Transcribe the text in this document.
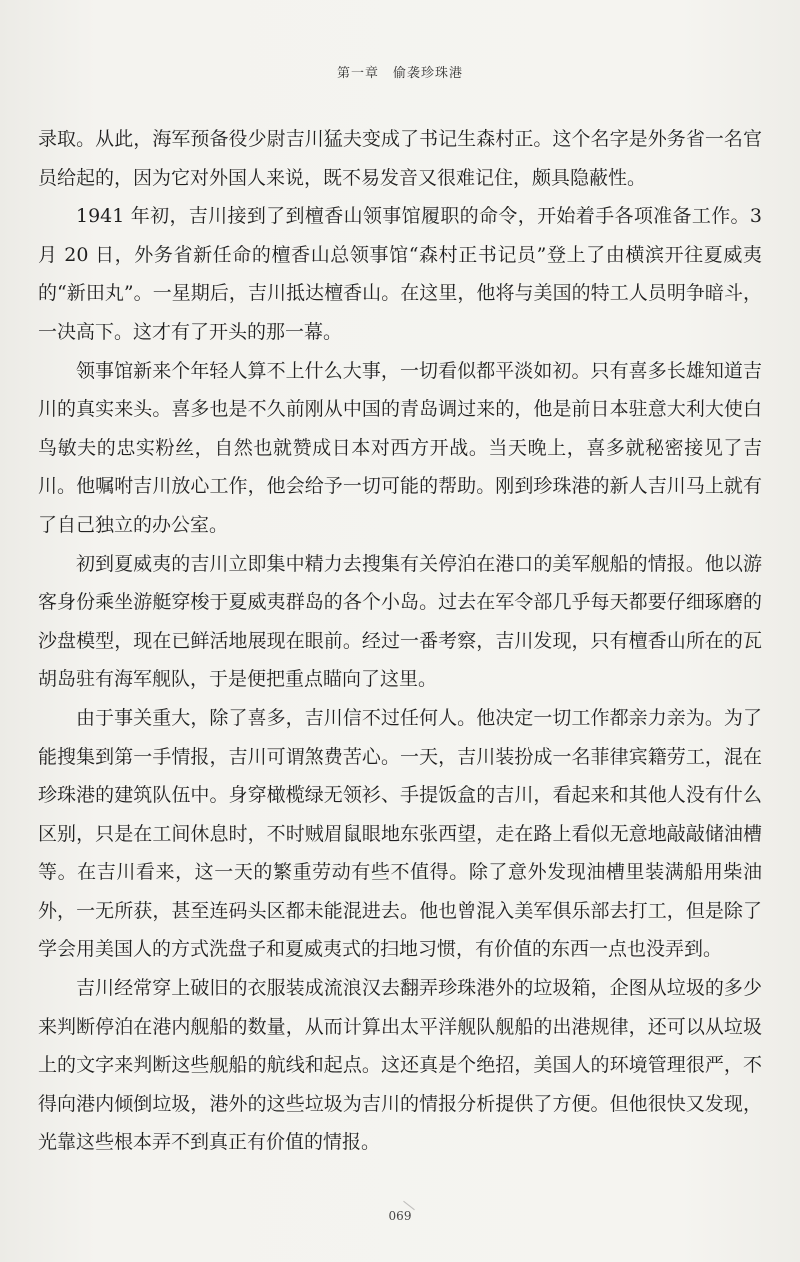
第一章　偷袭珍珠港

录取。从此，海军预备役少尉吉川猛夫变成了书记生森村正。这个名字是外务省一名官员给起的，因为它对外国人来说，既不易发音又很难记住，颇具隐蔽性。

1941 年初，吉川接到了到檀香山领事馆履职的命令，开始着手各项准备工作。3 月 20 日，外务省新任命的檀香山总领事馆“森村正书记员”登上了由横滨开往夏威夷的“新田丸”。一星期后，吉川抵达檀香山。在这里，他将与美国的特工人员明争暗斗，一决高下。这才有了开头的那一幕。

领事馆新来个年轻人算不上什么大事，一切看似都平淡如初。只有喜多长雄知道吉川的真实来头。喜多也是不久前刚从中国的青岛调过来的，他是前日本驻意大利大使白鸟敏夫的忠实粉丝，自然也就赞成日本对西方开战。当天晚上，喜多就秘密接见了吉川。他嘱咐吉川放心工作，他会给予一切可能的帮助。刚到珍珠港的新人吉川马上就有了自己独立的办公室。

初到夏威夷的吉川立即集中精力去搜集有关停泊在港口的美军舰船的情报。他以游客身份乘坐游艇穿梭于夏威夷群岛的各个小岛。过去在军令部几乎每天都要仔细琢磨的沙盘模型，现在已鲜活地展现在眼前。经过一番考察，吉川发现，只有檀香山所在的瓦胡岛驻有海军舰队，于是便把重点瞄向了这里。

由于事关重大，除了喜多，吉川信不过任何人。他决定一切工作都亲力亲为。为了能搜集到第一手情报，吉川可谓煞费苦心。一天，吉川装扮成一名菲律宾籍劳工，混在珍珠港的建筑队伍中。身穿橄榄绿无领衫、手提饭盒的吉川，看起来和其他人没有什么区别，只是在工间休息时，不时贼眉鼠眼地东张西望，走在路上看似无意地敲敲储油槽等。在吉川看来，这一天的繁重劳动有些不值得。除了意外发现油槽里装满船用柴油外，一无所获，甚至连码头区都未能混进去。他也曾混入美军俱乐部去打工，但是除了学会用美国人的方式洗盘子和夏威夷式的扫地习惯，有价值的东西一点也没弄到。

吉川经常穿上破旧的衣服装成流浪汉去翻弄珍珠港外的垃圾箱，企图从垃圾的多少来判断停泊在港内舰船的数量，从而计算出太平洋舰队舰船的出港规律，还可以从垃圾上的文字来判断这些舰船的航线和起点。这还真是个绝招，美国人的环境管理很严，不得向港内倾倒垃圾，港外的这些垃圾为吉川的情报分析提供了方便。但他很快又发现，光靠这些根本弄不到真正有价值的情报。

069
